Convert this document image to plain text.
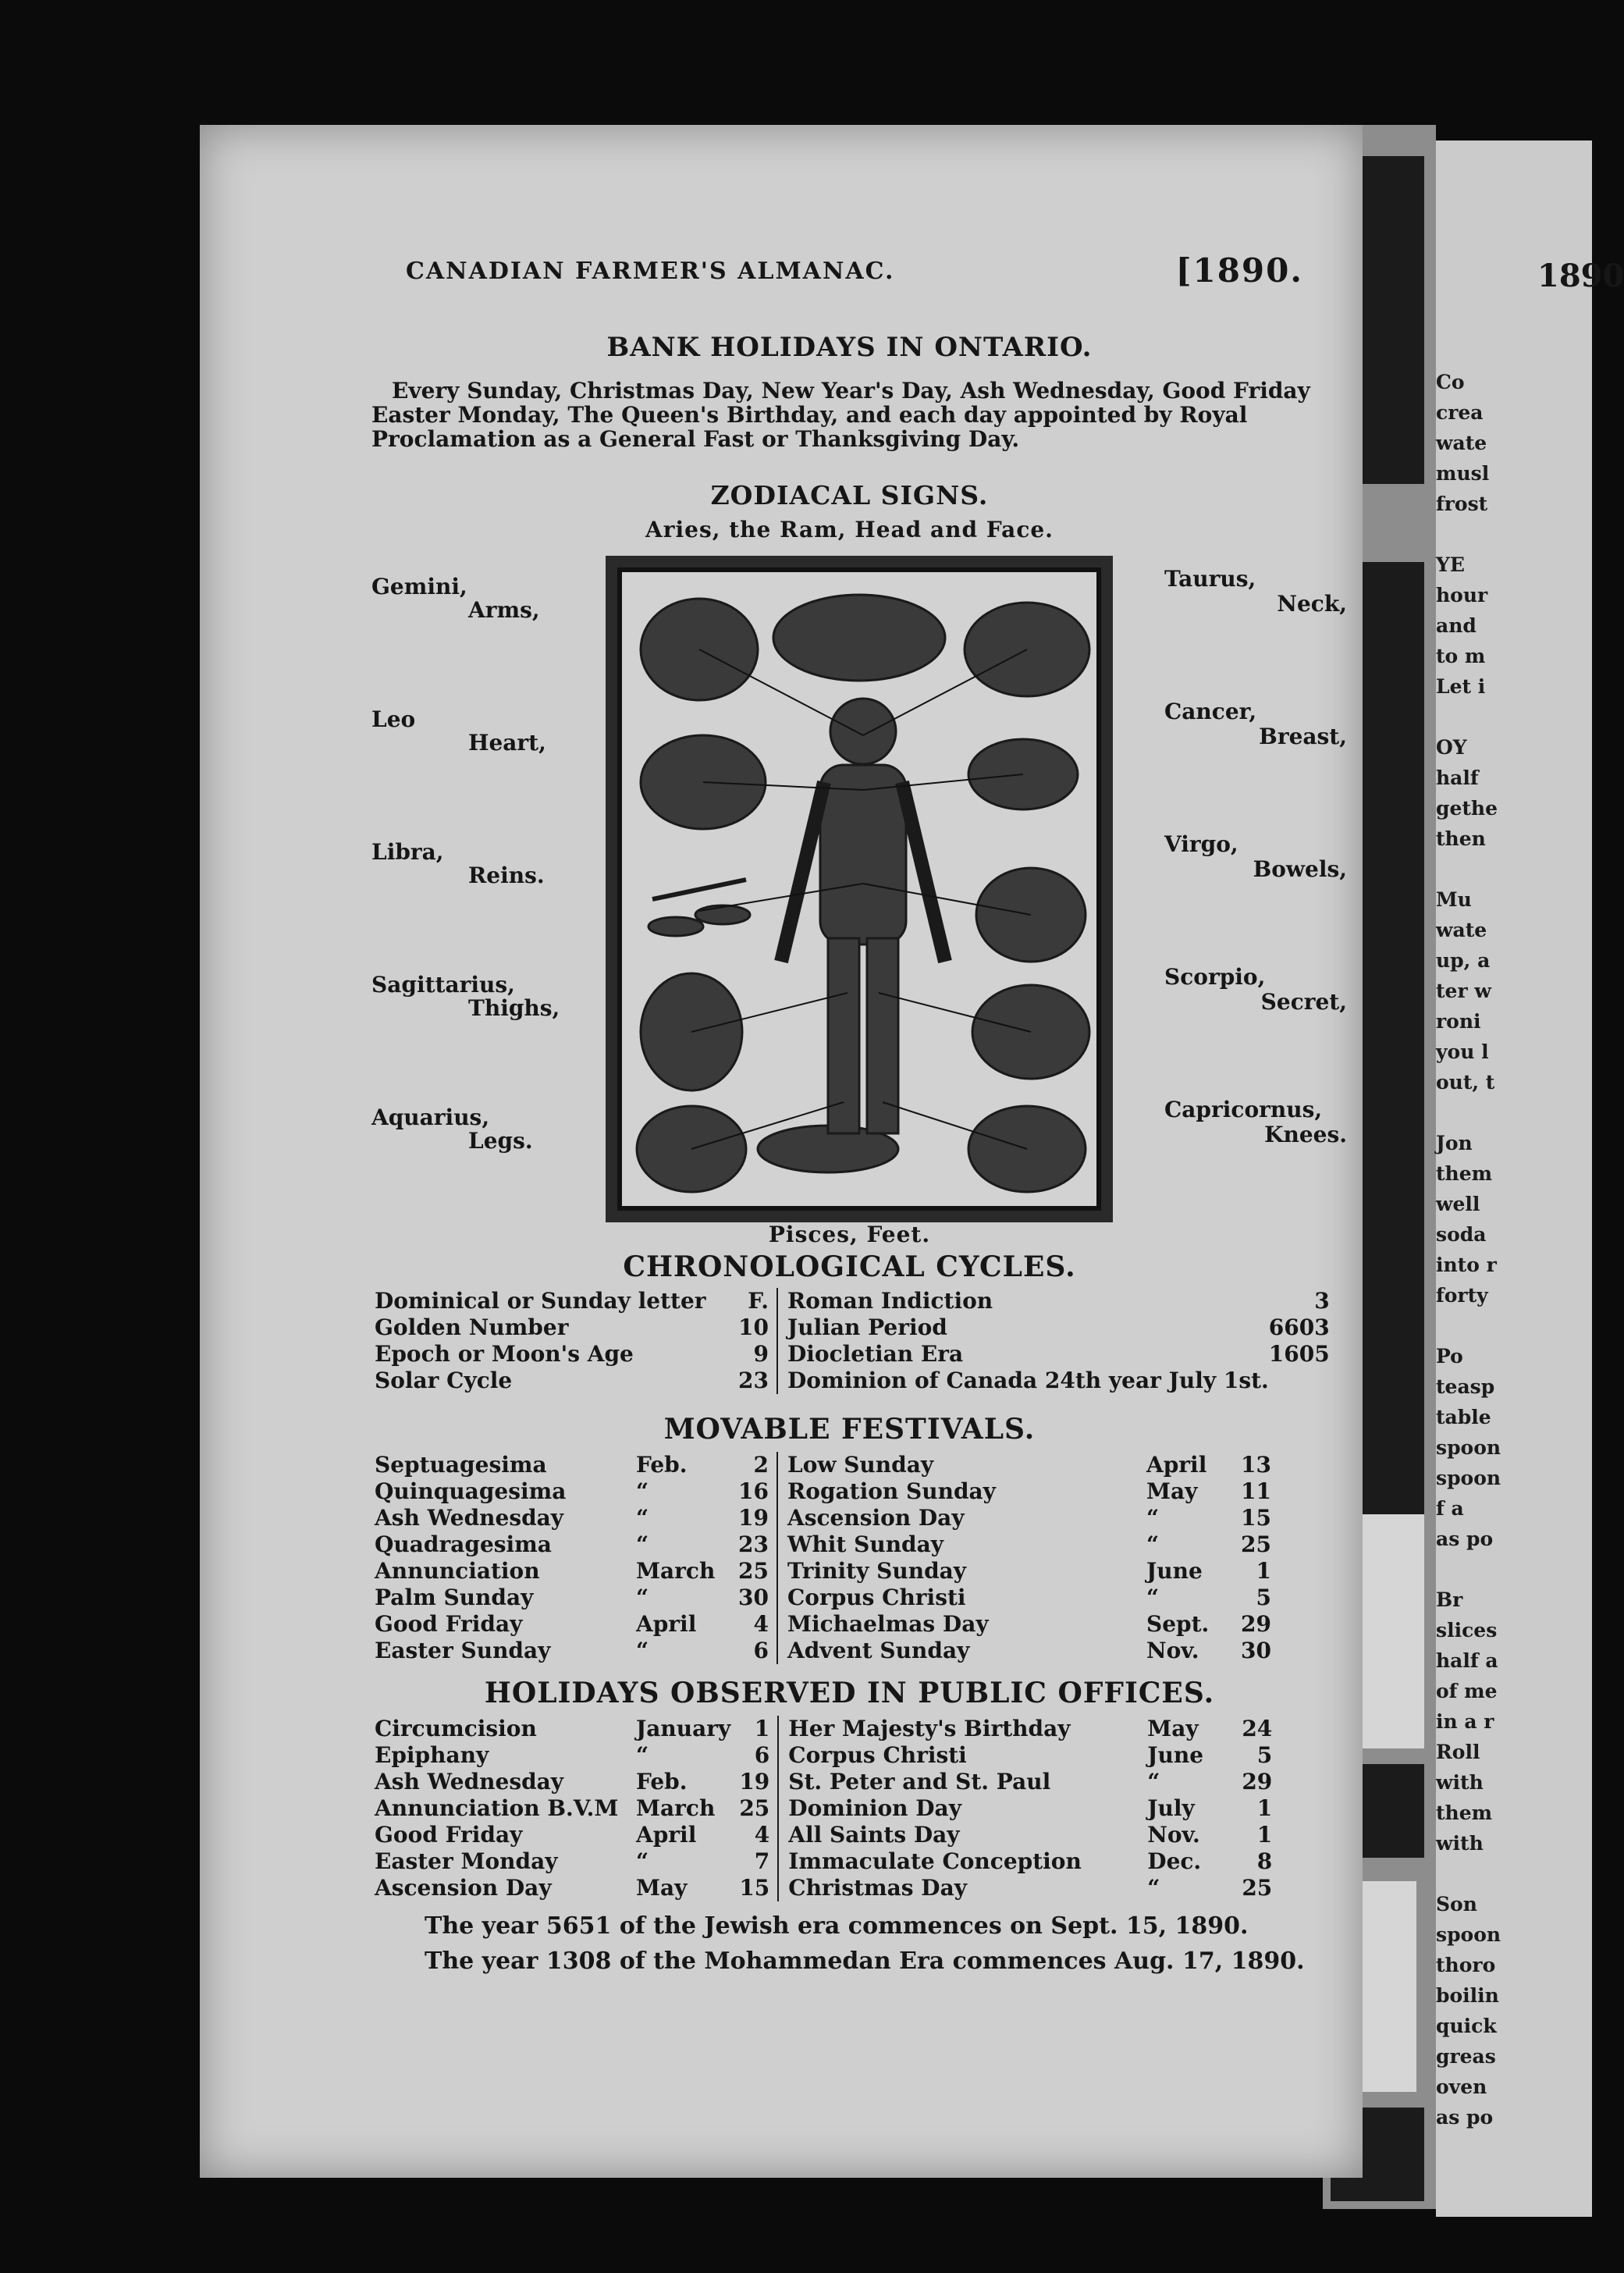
1890
Co
crea
wate
musl
frost
YE
hour
and
to m
Let i
OY
half
gethe
then
Mu
wate
up, a
ter w
roni
you l
out, t
Jon
them
well
soda
into r
forty
Po
teasp
table
spoon
spoon
f a
as po
Br
slices
half a
of me
in a r
Roll
with
them
with
Son
spoon
thoro
boilin
quick
greas
oven
as po
CANADIAN FARMER'S ALMANAC.	[1890.
BANK HOLIDAYS IN ONTARIO.
Every Sunday, Christmas Day, New Year's Day, Ash Wednesday, Good Friday Easter Monday, The Queen's Birthday, and each day appointed by Royal Proclamation as a General Fast or Thanksgiving Day.
ZODIACAL SIGNS.
Aries, the Ram, Head and Face.
Gemini,
Arms,
Leo
Heart,
Libra,
Reins.
Sagittarius,
Thighs,
Aquarius,
Legs.
Taurus,
Neck,
Cancer,
Breast,
Virgo,
Bowels,
Scorpio,
Secret,
Capricornus,
Knees.
Pisces, Feet.
CHRONOLOGICAL CYCLES.
Dominical or Sunday letter	F.	Roman Indiction	3
Golden Number	10	Julian Period	6603
Epoch or Moon's Age	9	Diocletian Era	1605
Solar Cycle	23	Dominion of Canada 24th year July 1st.	
MOVABLE FESTIVALS.
Septuagesima	Feb.	2	Low Sunday	April	13
Quinquagesima	“	16	Rogation Sunday	May	11
Ash Wednesday	“	19	Ascension Day	“	15
Quadragesima	“	23	Whit Sunday	“	25
Annunciation	March	25	Trinity Sunday	June	1
Palm Sunday	“	30	Corpus Christi	“	5
Good Friday	April	4	Michaelmas Day	Sept.	29
Easter Sunday	“	6	Advent Sunday	Nov.	30
HOLIDAYS OBSERVED IN PUBLIC OFFICES.
Circumcision	January	1	Her Majesty's Birthday	May	24
Epiphany	“	6	Corpus Christi	June	5
Ash Wednesday	Feb.	19	St. Peter and St. Paul	“	29
Annunciation B.V.M	March	25	Dominion Day	July	1
Good Friday	April	4	All Saints Day	Nov.	1
Easter Monday	“	7	Immaculate Conception	Dec.	8
Ascension Day	May	15	Christmas Day	“	25
The year 5651 of the Jewish era commences on Sept. 15, 1890.
The year 1308 of the Mohammedan Era commences Aug. 17, 1890.
